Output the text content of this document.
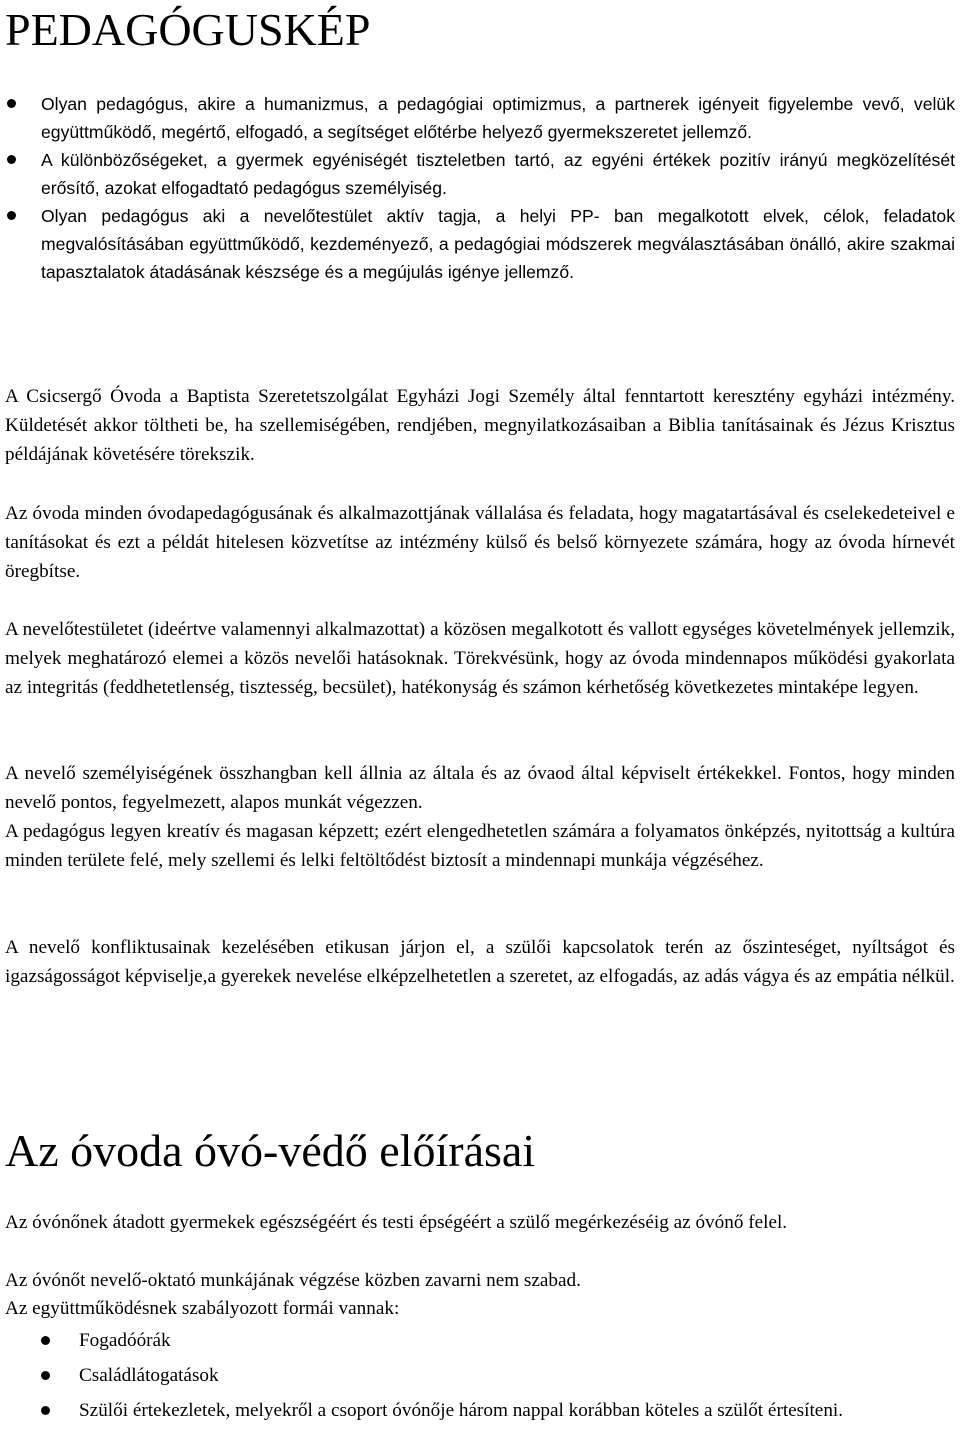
PEDAGÓGUSKÉP
Olyan pedagógus, akire a humanizmus, a pedagógiai optimizmus, a partnerek igényeit figyelembe vevő, velük együttműködő, megértő, elfogadó, a segítséget előtérbe helyező gyermekszeretet jellemző.
A különbözőségeket, a gyermek egyéniségét tiszteletben tartó, az egyéni értékek pozitív irányú megközelítését erősítő, azokat elfogadtató pedagógus személyiség.
Olyan pedagógus aki a nevelőtestület aktív tagja, a helyi PP- ban megalkotott elvek, célok, feladatok megvalósításában együttműködő, kezdeményező, a pedagógiai módszerek megválasztásában önálló, akire szakmai tapasztalatok átadásának készsége és a megújulás igénye jellemző.

A Csicsergő Óvoda a Baptista Szeretetszolgálat Egyházi Jogi Személy által fenntartott keresztény egyházi intézmény. Küldetését akkor töltheti be, ha szellemiségében, rendjében, megnyilatkozásaiban a Biblia tanításainak és Jézus Krisztus példájának követésére törekszik.

Az óvoda minden óvodapedagógusának és alkalmazottjának vállalása és feladata, hogy magatartásával és cselekedeteivel e tanításokat és ezt a példát hitelesen közvetítse az intézmény külső és belső környezete számára, hogy az óvoda hírnevét öregbítse.

A nevelőtestületet (ideértve valamennyi alkalmazottat) a közösen megalkotott és vallott egységes követelmények jellemzik, melyek meghatározó elemei a közös nevelői hatásoknak. Törekvésünk, hogy az óvoda mindennapos működési gyakorlata az integritás (feddhetetlenség, tisztesség, becsület), hatékonyság és számon kérhetőség következetes mintaképe legyen.

A nevelő személyiségének összhangban kell állnia az általa és az óvaod által képviselt értékekkel. Fontos, hogy minden nevelő pontos, fegyelmezett, alapos munkát végezzen.

A pedagógus legyen kreatív és magasan képzett; ezért elengedhetetlen számára a folyamatos önképzés, nyitottság a kultúra minden területe felé, mely szellemi és lelki feltöltődést biztosít a mindennapi munkája végzéséhez.

A nevelő konfliktusainak kezelésében etikusan járjon el, a szülői kapcsolatok terén az őszinteséget, nyíltságot és igazságosságot képviselje,a gyerekek nevelése elképzelhetetlen a szeretet, az elfogadás, az adás vágya és az empátia nélkül.

Az óvoda óvó-védő előírásai

Az óvónőnek átadott gyermekek egészségéért és testi épségéért a szülő megérkezéséig az óvónő felel.

Az óvónőt nevelő-oktató munkájának végzése közben zavarni nem szabad.

Az együttműködésnek szabályozott formái vannak:

Fogadóórák
Családlátogatások
Szülői értekezletek, melyekről a csoport óvónője három nappal korábban köteles a szülőt értesíteni.
